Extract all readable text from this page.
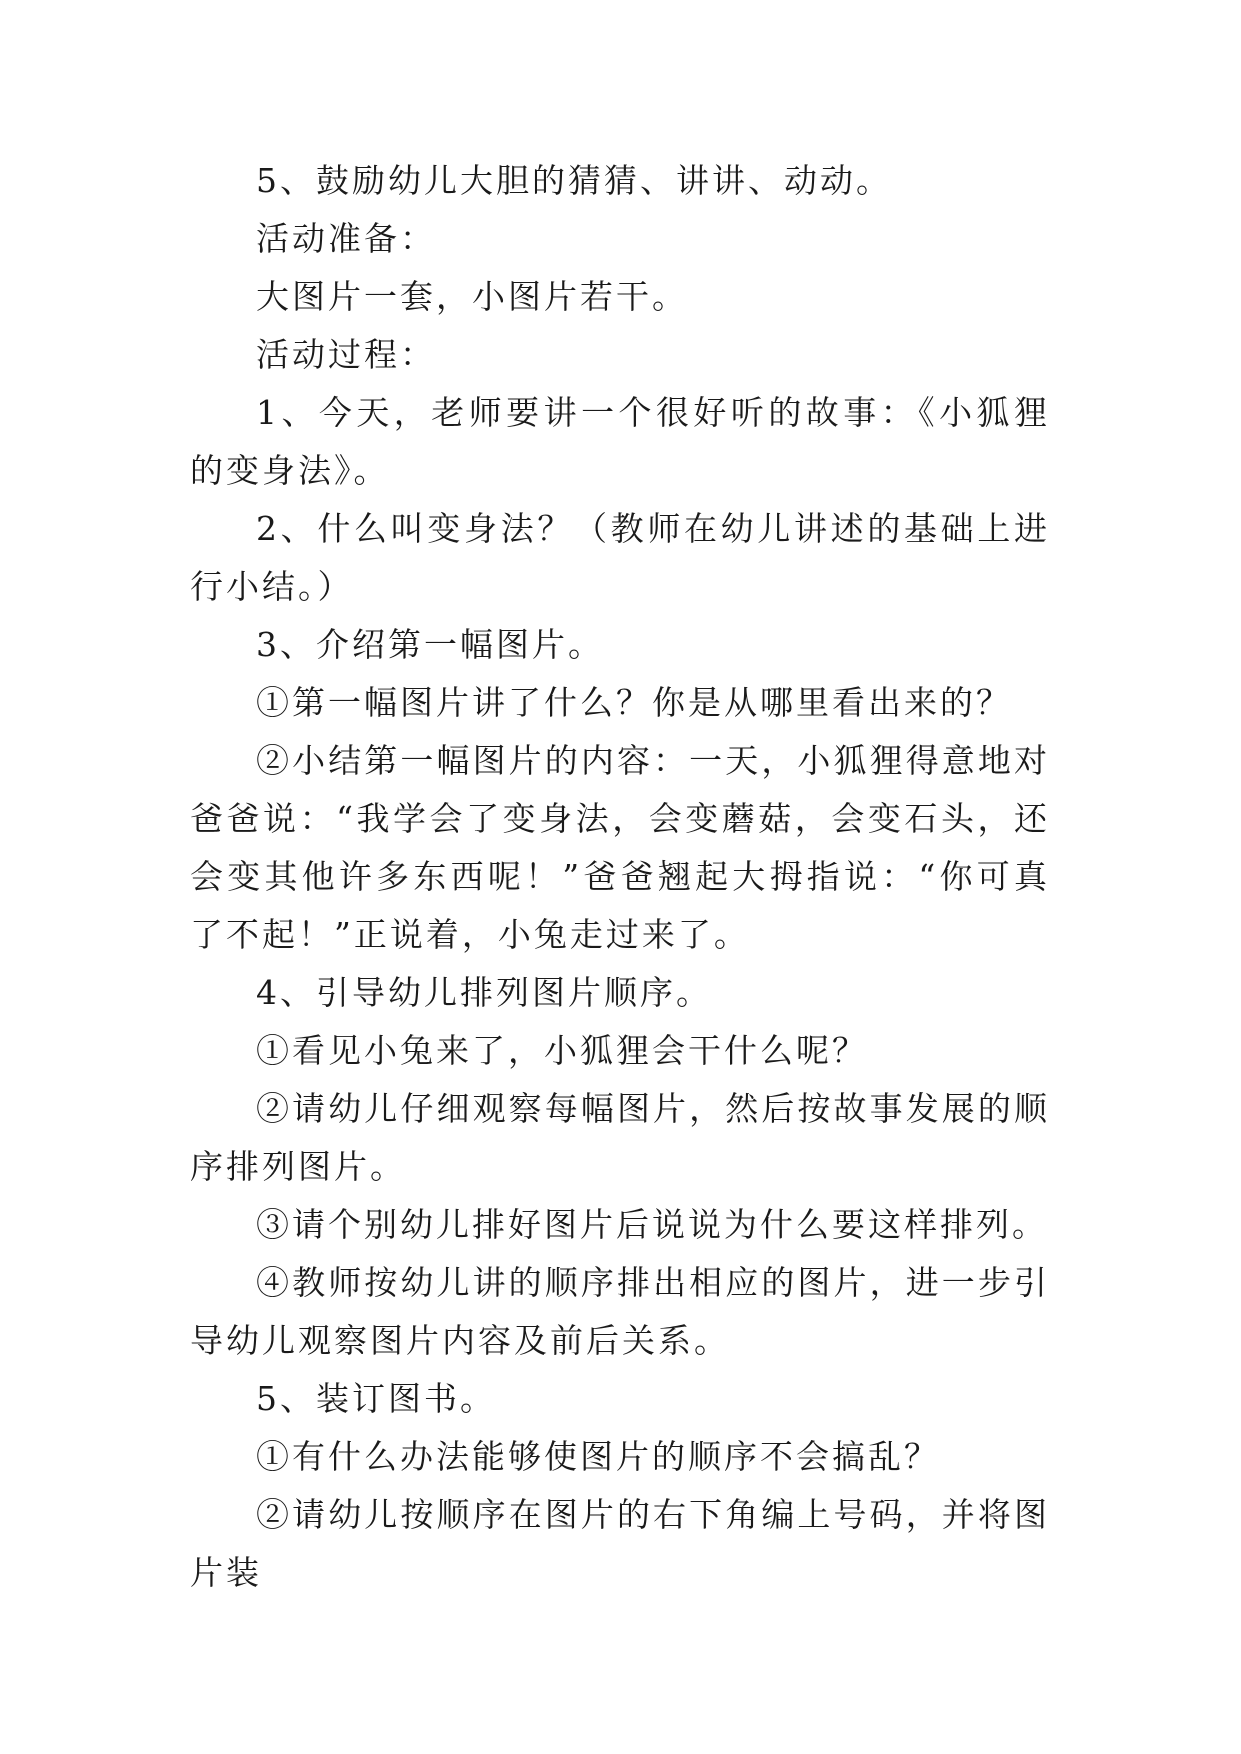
5、鼓励幼儿大胆的猜猜、讲讲、动动。

活动准备：

大图片一套，小图片若干。

活动过程：

1、今天，老师要讲一个很好听的故事：《小狐狸的变身法》。

2、什么叫变身法？（教师在幼儿讲述的基础上进行小结。）

3、介绍第一幅图片。

①第一幅图片讲了什么？你是从哪里看出来的？

②小结第一幅图片的内容：一天，小狐狸得意地对爸爸说：“我学会了变身法，会变蘑菇，会变石头，还会变其他许多东西呢！”爸爸翘起大拇指说：“你可真了不起！”正说着，小兔走过来了。

4、引导幼儿排列图片顺序。

①看见小兔来了，小狐狸会干什么呢？

②请幼儿仔细观察每幅图片，然后按故事发展的顺序排列图片。

③请个别幼儿排好图片后说说为什么要这样排列。

④教师按幼儿讲的顺序排出相应的图片，进一步引导幼儿观察图片内容及前后关系。

5、装订图书。

①有什么办法能够使图片的顺序不会搞乱？

②请幼儿按顺序在图片的右下角编上号码，并将图片装
